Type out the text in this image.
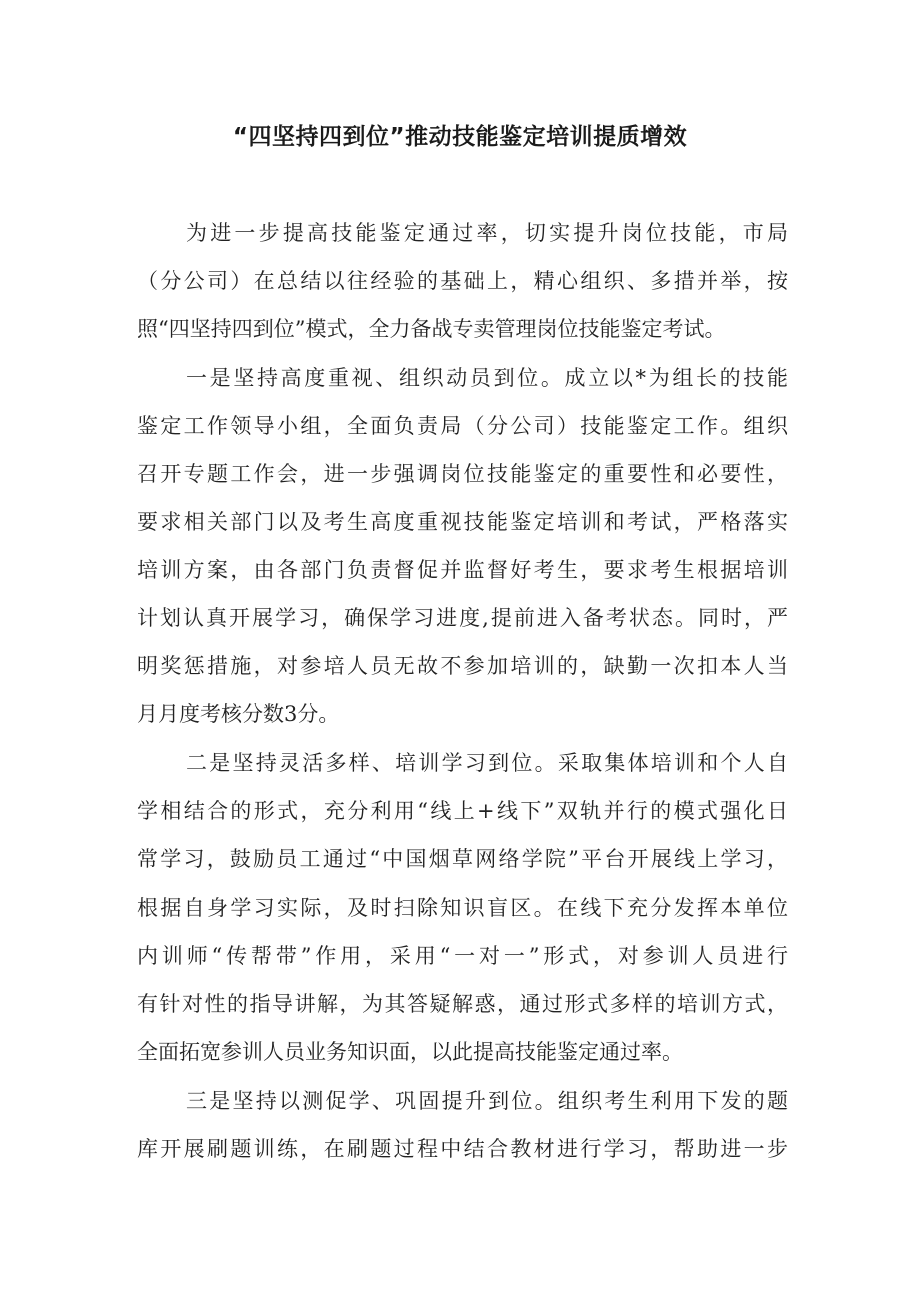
“四坚持四到位”推动技能鉴定培训提质增效
为进一步提高技能鉴定通过率，切实提升岗位技能，市局
（分公司）在总结以往经验的基础上，精心组织、多措并举，按
照“四坚持四到位”模式，全力备战专卖管理岗位技能鉴定考试。
一是坚持高度重视、组织动员到位。成立以*为组长的技能
鉴定工作领导小组，全面负责局（分公司）技能鉴定工作。组织
召开专题工作会，进一步强调岗位技能鉴定的重要性和必要性，
要求相关部门以及考生高度重视技能鉴定培训和考试，严格落实
培训方案，由各部门负责督促并监督好考生，要求考生根据培训
计划认真开展学习，确保学习进度,提前进入备考状态。同时，严
明奖惩措施，对参培人员无故不参加培训的，缺勤一次扣本人当
月月度考核分数3分。
二是坚持灵活多样、培训学习到位。采取集体培训和个人自
学相结合的形式，充分利用“线上+线下”双轨并行的模式强化日
常学习，鼓励员工通过“中国烟草网络学院”平台开展线上学习，
根据自身学习实际，及时扫除知识盲区。在线下充分发挥本单位
内训师“传帮带”作用，采用“一对一”形式，对参训人员进行
有针对性的指导讲解，为其答疑解惑，通过形式多样的培训方式，
全面拓宽参训人员业务知识面，以此提高技能鉴定通过率。
三是坚持以测促学、巩固提升到位。组织考生利用下发的题
库开展刷题训练，在刷题过程中结合教材进行学习，帮助进一步
